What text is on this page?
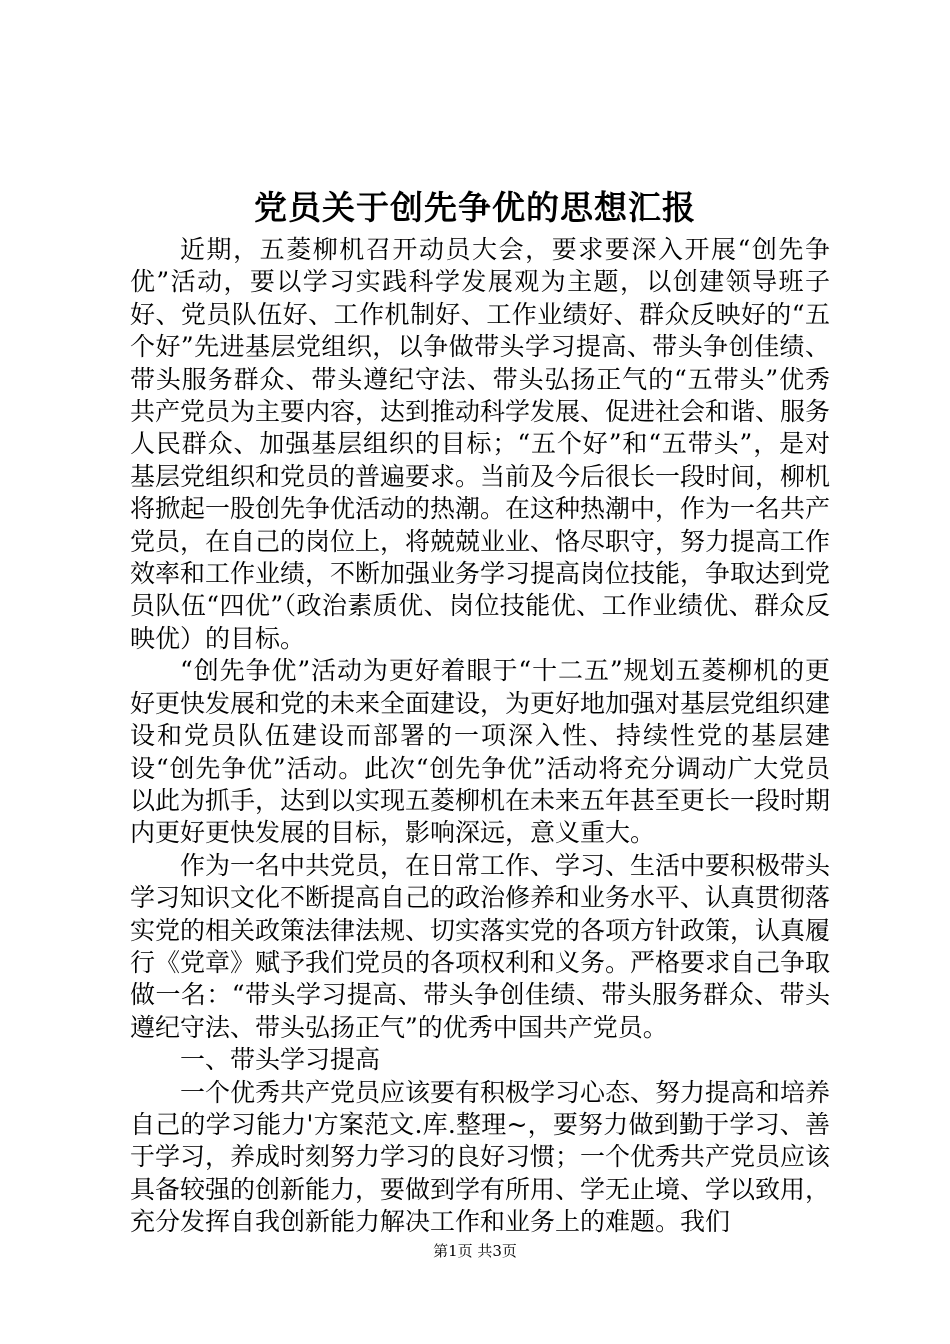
党员关于创先争优的思想汇报

近期，五菱柳机召开动员大会，要求要深入开展“创先争优”活动，要以学习实践科学发展观为主题，以创建领导班子好、党员队伍好、工作机制好、工作业绩好、群众反映好的“五个好”先进基层党组织，以争做带头学习提高、带头争创佳绩、带头服务群众、带头遵纪守法、带头弘扬正气的“五带头”优秀共产党员为主要内容，达到推动科学发展、促进社会和谐、服务人民群众、加强基层组织的目标；“五个好”和“五带头”，是对基层党组织和党员的普遍要求。当前及今后很长一段时间，柳机将掀起一股创先争优活动的热潮。在这种热潮中，作为一名共产党员，在自己的岗位上，将兢兢业业、恪尽职守，努力提高工作效率和工作业绩，不断加强业务学习提高岗位技能，争取达到党员队伍“四优”（政治素质优、岗位技能优、工作业绩优、群众反映优）的目标。

“创先争优”活动为更好着眼于“十二五”规划五菱柳机的更好更快发展和党的未来全面建设，为更好地加强对基层党组织建设和党员队伍建设而部署的一项深入性、持续性党的基层建设“创先争优”活动。此次“创先争优”活动将充分调动广大党员以此为抓手，达到以实现五菱柳机在未来五年甚至更长一段时期内更好更快发展的目标，影响深远，意义重大。

作为一名中共党员，在日常工作、学习、生活中要积极带头学习知识文化不断提高自己的政治修养和业务水平、认真贯彻落实党的相关政策法律法规、切实落实党的各项方针政策，认真履行《党章》赋予我们党员的各项权利和义务。严格要求自己争取做一名：“带头学习提高、带头争创佳绩、带头服务群众、带头遵纪守法、带头弘扬正气”的优秀中国共产党员。

一、带头学习提高

一个优秀共产党员应该要有积极学习心态、努力提高和培养自己的学习能力'方案范文.库.整理~，要努力做到勤于学习、善于学习，养成时刻努力学习的良好习惯；一个优秀共产党员应该具备较强的创新能力，要做到学有所用、学无止境、学以致用，充分发挥自我创新能力解决工作和业务上的难题。我们

第1页 共3页
